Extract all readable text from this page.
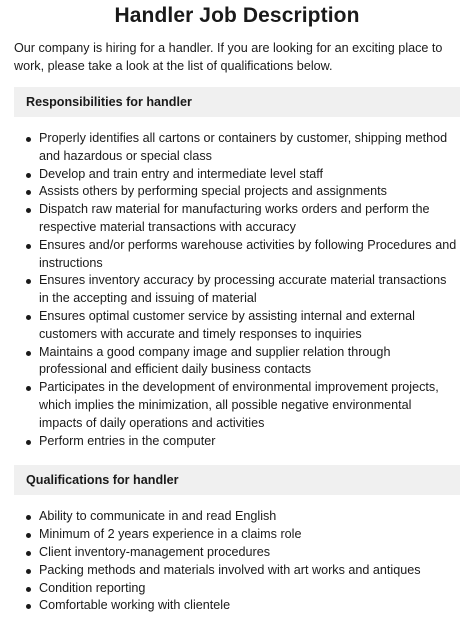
Handler Job Description

Our company is hiring for a handler. If you are looking for an exciting place to work, please take a look at the list of qualifications below.

Responsibilities for handler
Properly identifies all cartons or containers by customer, shipping method and hazardous or special class
Develop and train entry and intermediate level staff
Assists others by performing special projects and assignments
Dispatch raw material for manufacturing works orders and perform the respective material transactions with accuracy
Ensures and/or performs warehouse activities by following Procedures and instructions
Ensures inventory accuracy by processing accurate material transactions in the accepting and issuing of material
Ensures optimal customer service by assisting internal and external customers with accurate and timely responses to inquiries
Maintains a good company image and supplier relation through professional and efficient daily business contacts
Participates in the development of environmental improvement projects, which implies the minimization, all possible negative environmental impacts of daily operations and activities
Perform entries in the computer
Qualifications for handler
Ability to communicate in and read English
Minimum of 2 years experience in a claims role
Client inventory-management procedures
Packing methods and materials involved with art works and antiques
Condition reporting
Comfortable working with clientele
